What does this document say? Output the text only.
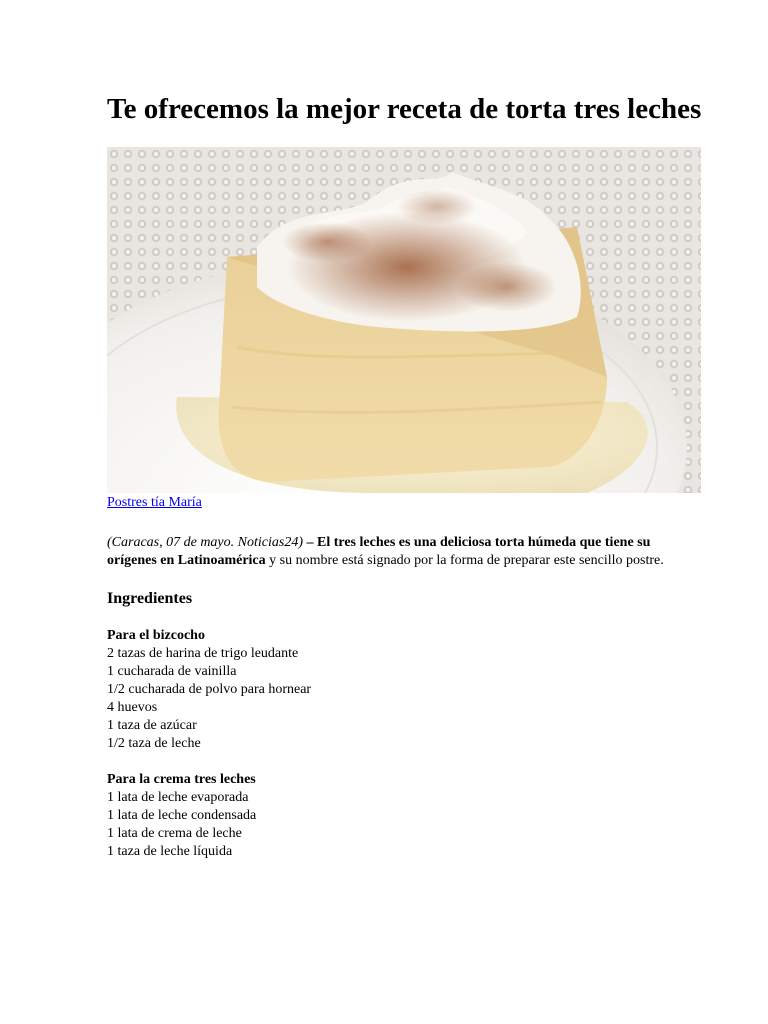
Te ofrecemos la mejor receta de torta tres leches
Postres tía María

(Caracas, 07 de mayo. Noticias24) – El tres leches es una deliciosa torta húmeda que tiene su orígenes en Latinoamérica y su nombre está signado por la forma de preparar este sencillo postre.

Ingredientes
Para el bizcocho
2 tazas de harina de trigo leudante
1 cucharada de vainilla
1/2 cucharada de polvo para hornear
4 huevos
1 taza de azúcar
1/2 taza de leche
Para la crema tres leches
1 lata de leche evaporada
1 lata de leche condensada
1 lata de crema de leche
1 taza de leche líquida
